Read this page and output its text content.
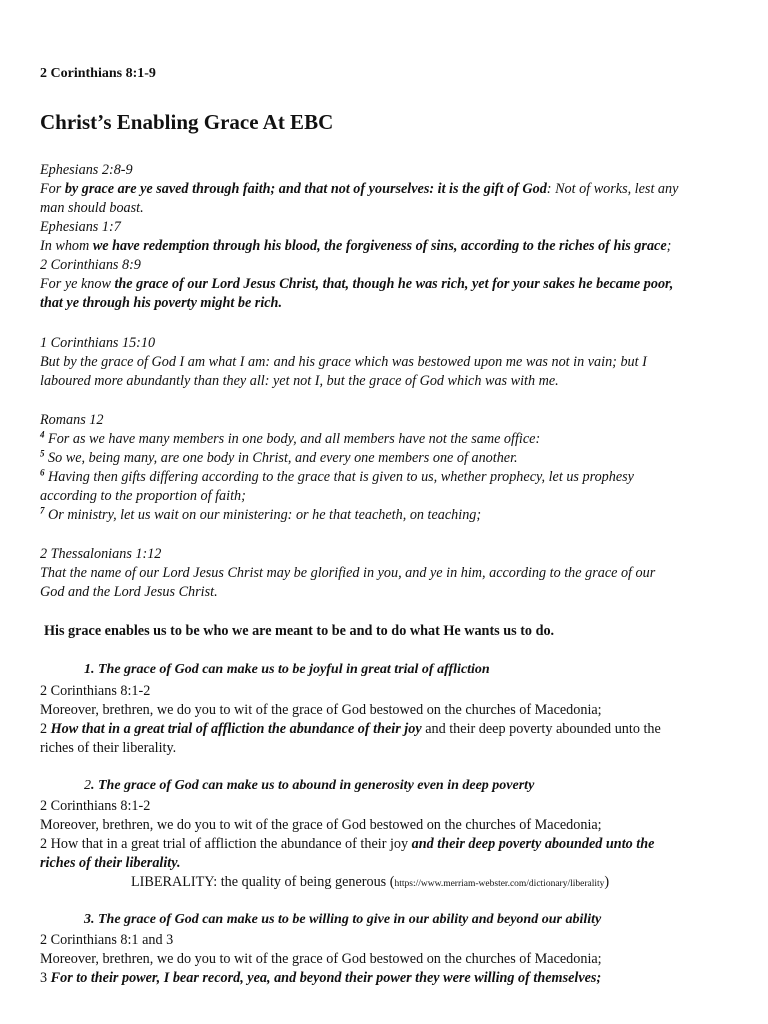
2 Corinthians 8:1-9
Christ’s Enabling Grace At EBC
Ephesians 2:8-9
For by grace are ye saved through faith; and that not of yourselves: it is the gift of God: Not of works, lest any
man should boast.
Ephesians 1:7
In whom we have redemption through his blood, the forgiveness of sins, according to the riches of his grace;
2 Corinthians 8:9
For ye know the grace of our Lord Jesus Christ, that, though he was rich, yet for your sakes he became poor,
that ye through his poverty might be rich.
1 Corinthians 15:10
But by the grace of God I am what I am: and his grace which was bestowed upon me was not in vain; but I
laboured more abundantly than they all: yet not I, but the grace of God which was with me.
Romans 12
$^4$ For as we have many members in one body, and all members have not the same office:
$^5$ So we, being many, are one body in Christ, and every one members one of another.
$^6$ Having then gifts differing according to the grace that is given to us, whether prophecy, let us prophesy
according to the proportion of faith;
$^7$ Or ministry, let us wait on our ministering: or he that teacheth, on teaching;
2 Thessalonians 1:12
That the name of our Lord Jesus Christ may be glorified in you, and ye in him, according to the grace of our
God and the Lord Jesus Christ.
His grace enables us to be who we are meant to be and to do what He wants us to do.
1. The grace of God can make us to be joyful in great trial of affliction
2 Corinthians 8:1-2
Moreover, brethren, we do you to wit of the grace of God bestowed on the churches of Macedonia;
2 How that in a great trial of affliction the abundance of their joy and their deep poverty abounded unto the
riches of their liberality.
2. The grace of God can make us to abound in generosity even in deep poverty
2 Corinthians 8:1-2
Moreover, brethren, we do you to wit of the grace of God bestowed on the churches of Macedonia;
2 How that in a great trial of affliction the abundance of their joy and their deep poverty abounded unto the
riches of their liberality.
LIBERALITY: the quality of being generous (https://www.merriam-webster.com/dictionary/liberality)
3. The grace of God can make us to be willing to give in our ability and beyond our ability
2 Corinthians 8:1 and 3
Moreover, brethren, we do you to wit of the grace of God bestowed on the churches of Macedonia;
3 For to their power, I bear record, yea, and beyond their power they were willing of themselves;
